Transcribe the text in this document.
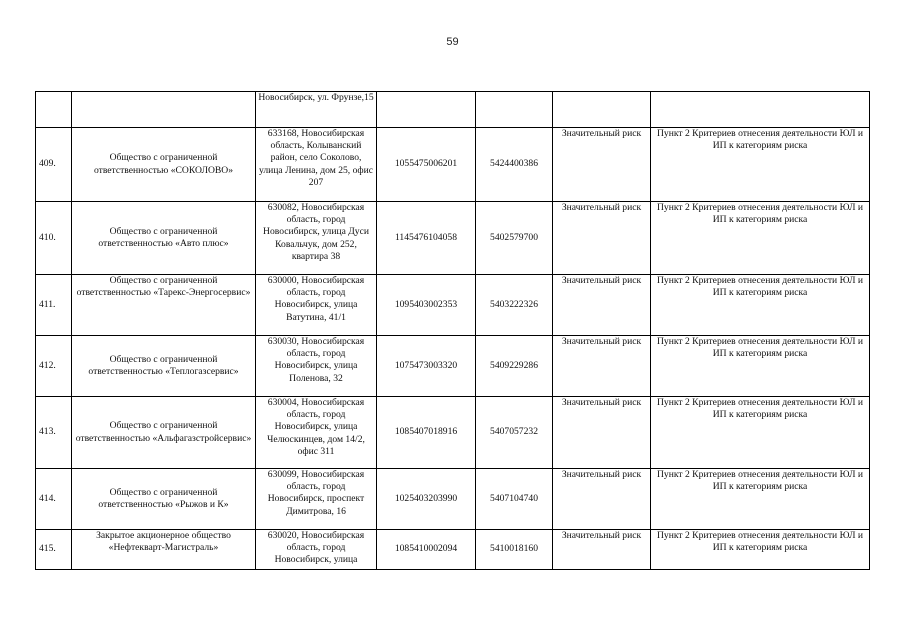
59
		Новосибирск, ул. Фрунзе,15				
409.	Общество с ограниченной ответственностью «СОКОЛОВО»	633168, Новосибирская область, Колыванский район, село Соколово, улица Ленина, дом 25, офис 207	1055475006201	5424400386	Значительный риск	Пункт 2 Критериев отнесения деятельности ЮЛ и ИП к категориям риска
410.	Общество с ограниченной ответственностью «Авто плюс»	630082, Новосибирская область, город Новосибирск, улица Дуси Ковальчук, дом 252, квартира 38	1145476104058	5402579700	Значительный риск	Пункт 2 Критериев отнесения деятельности ЮЛ и ИП к категориям риска
411.	Общество с ограниченной ответственностью «Тарекс-Энергосервис»	630000, Новосибирская область, город Новосибирск, улица Ватутина, 41/1	1095403002353	5403222326	Значительный риск	Пункт 2 Критериев отнесения деятельности ЮЛ и ИП к категориям риска
412.	Общество с ограниченной ответственностью «Теплогазсервис»	630030, Новосибирская область, город Новосибирск, улица Поленова, 32	1075473003320	5409229286	Значительный риск	Пункт 2 Критериев отнесения деятельности ЮЛ и ИП к категориям риска
413.	Общество с ограниченной ответственностью «Альфагазстройсервис»	630004, Новосибирская область, город Новосибирск, улица Челюскинцев, дом 14/2, офис 311	1085407018916	5407057232	Значительный риск	Пункт 2 Критериев отнесения деятельности ЮЛ и ИП к категориям риска
414.	Общество с ограниченной ответственностью «Рыжов и К»	630099, Новосибирская область, город Новосибирск, проспект Димитрова, 16	1025403203990	5407104740	Значительный риск	Пункт 2 Критериев отнесения деятельности ЮЛ и ИП к категориям риска
415.	Закрытое акционерное общество «Нефтекварт-Магистраль»	630020, Новосибирская область, город Новосибирск, улица	1085410002094	5410018160	Значительный риск	Пункт 2 Критериев отнесения деятельности ЮЛ и ИП к категориям риска
